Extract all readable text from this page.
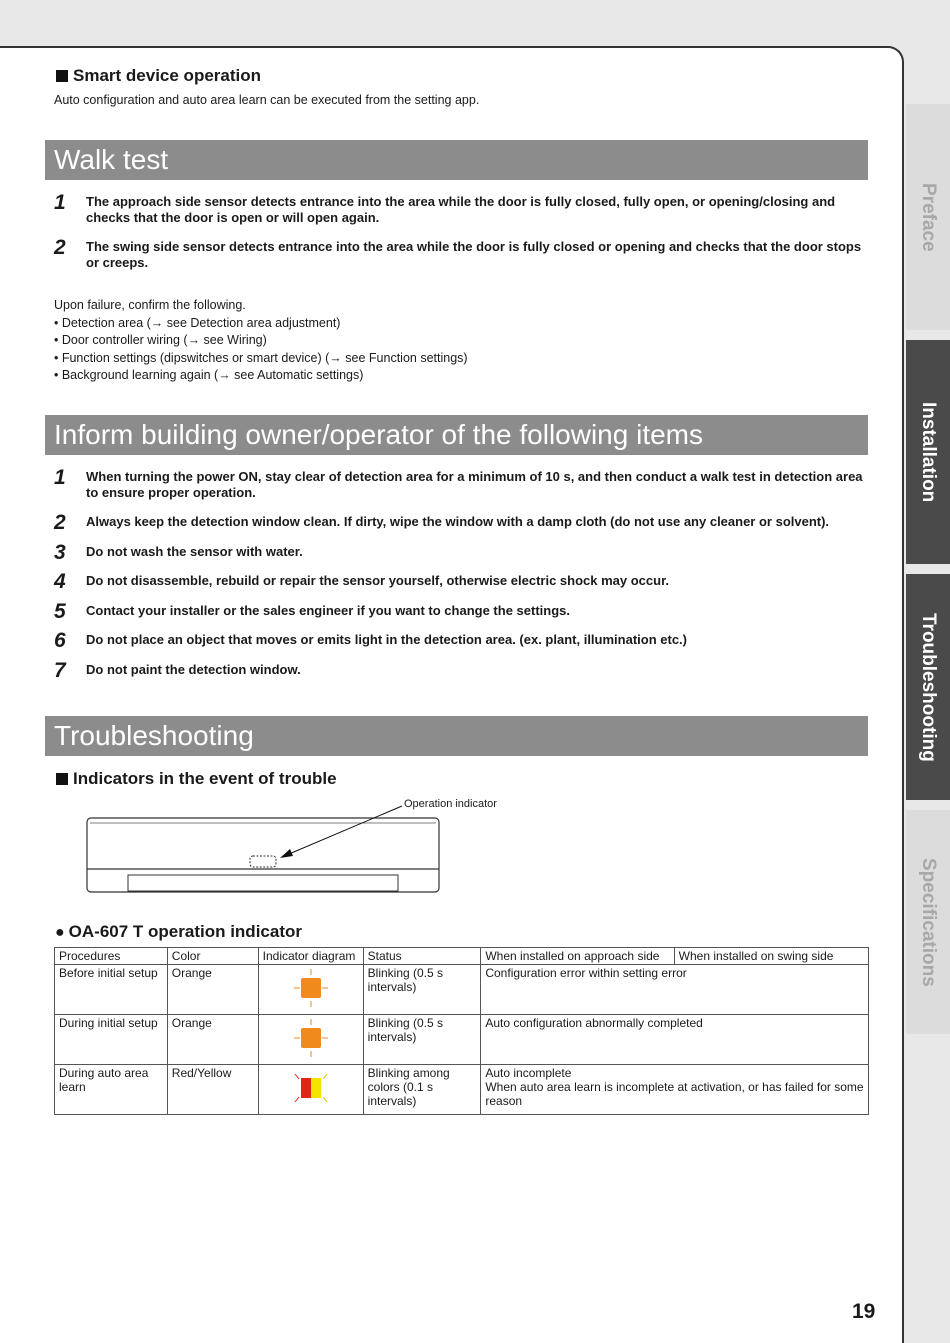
Smart device operation
Auto configuration and auto area learn can be executed from the setting app.
Walk test
1 The approach side sensor detects entrance into the area while the door is fully closed, fully open, or opening/closing and checks that the door is open or will open again.
2 The swing side sensor detects entrance into the area while the door is fully closed or opening and checks that the door stops or creeps.
Upon failure, confirm the following.
• Detection area (→ see Detection area adjustment)
• Door controller wiring (→ see Wiring)
• Function settings (dipswitches or smart device) (→ see Function settings)
• Background learning again (→ see Automatic settings)
Inform building owner/operator of the following items
1 When turning the power ON, stay clear of detection area for a minimum of 10 s, and then conduct a walk test in detection area to ensure proper operation.
2 Always keep the detection window clean. If dirty, wipe the window with a damp cloth (do not use any cleaner or solvent).
3 Do not wash the sensor with water.
4 Do not disassemble, rebuild or repair the sensor yourself, otherwise electric shock may occur.
5 Contact your installer or the sales engineer if you want to change the settings.
6 Do not place an object that moves or emits light in the detection area. (ex. plant, illumination etc.)
7 Do not paint the detection window.
Troubleshooting
Indicators in the event of trouble
Operation indicator
● OA-607 T operation indicator
Procedures	Color	Indicator diagram	Status	When installed on approach side	When installed on swing side
Before initial setup	Orange		Blinking (0.5 s intervals)	Configuration error within setting error	
During initial setup	Orange		Blinking (0.5 s intervals)	Auto configuration abnormally completed	
During auto area learn	Red/Yellow		Blinking among colors (0.1 s intervals)	Auto incomplete
When auto area learn is incomplete at activation, or has failed for some reason	
Preface
Installation
Troubleshooting
Specifications
19
